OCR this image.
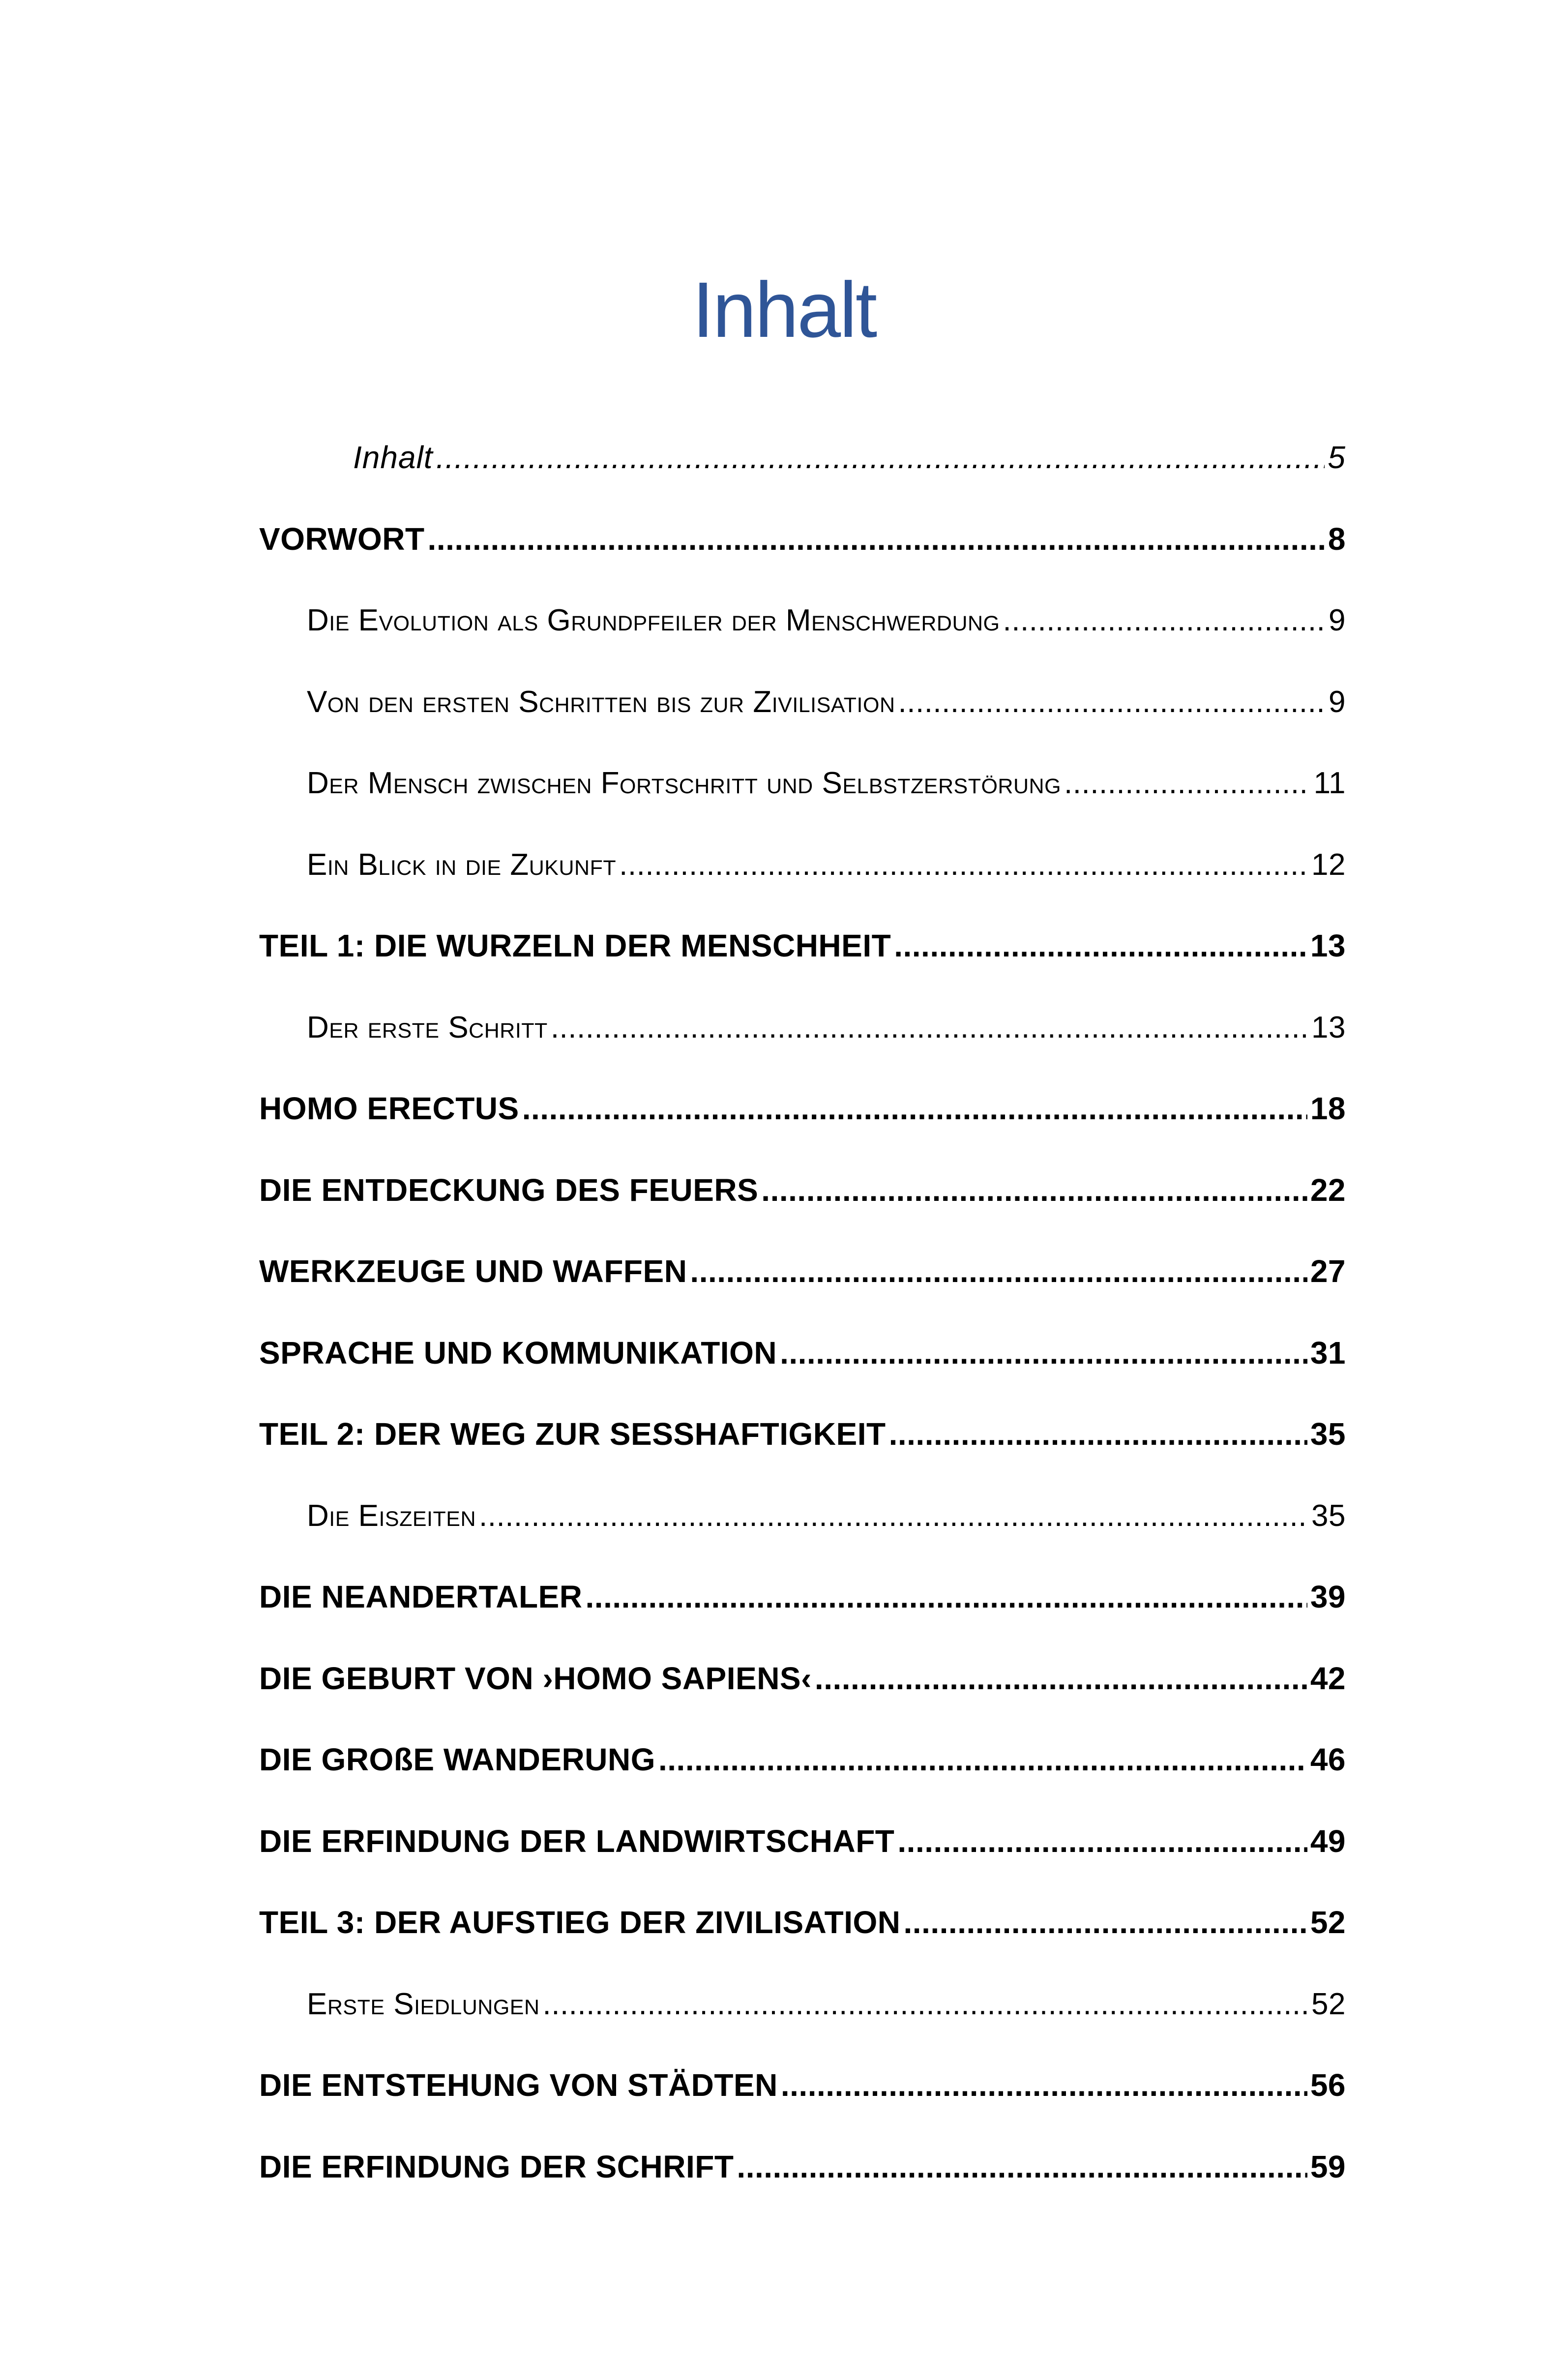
Inhalt
Inhalt .....	5
VORWORT .....	8
Die Evolution als Grundpfeiler der Menschwerdung .....	9
Von den ersten Schritten bis zur Zivilisation .....	9
Der Mensch zwischen Fortschritt und Selbstzerstörung .....	11
Ein Blick in die Zukunft .....	12
TEIL 1: DIE WURZELN DER MENSCHHEIT .....	13
Der erste Schritt .....	13
HOMO ERECTUS .....	18
DIE ENTDECKUNG DES FEUERS .....	22
WERKZEUGE UND WAFFEN .....	27
SPRACHE UND KOMMUNIKATION .....	31
TEIL 2: DER WEG ZUR SESSHAFTIGKEIT .....	35
Die Eiszeiten .....	35
DIE NEANDERTALER .....	39
DIE GEBURT VON ›HOMO SAPIENS‹ .....	42
DIE GROßE WANDERUNG .....	46
DIE ERFINDUNG DER LANDWIRTSCHAFT .....	49
TEIL 3: DER AUFSTIEG DER ZIVILISATION .....	52
Erste Siedlungen .....	52
DIE ENTSTEHUNG VON STÄDTEN .....	56
DIE ERFINDUNG DER SCHRIFT .....	59
